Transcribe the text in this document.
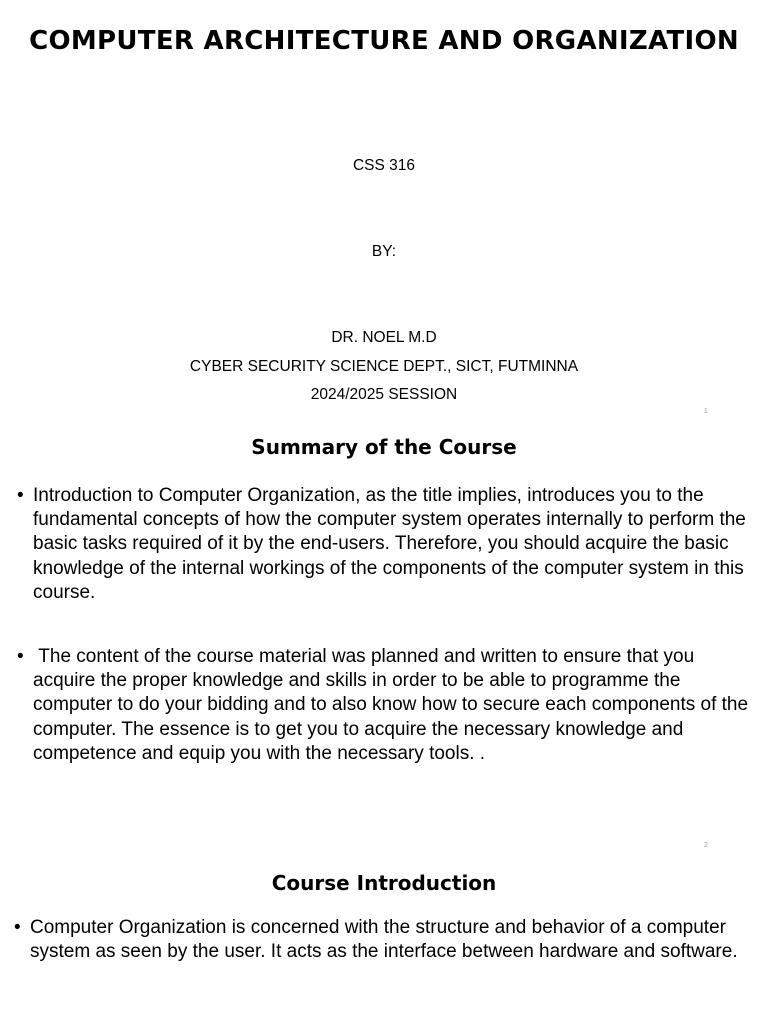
COMPUTER ARCHITECTURE AND ORGANIZATION
CSS 316
BY:
DR. NOEL M.D
CYBER SECURITY SCIENCE DEPT., SICT, FUTMINNA
2024/2025 SESSION
1
Summary of the Course
• Introduction to Computer Organization, as the title implies, introduces you to the fundamental concepts of how the computer system operates internally to perform the basic tasks required of it by the end-users. Therefore, you should acquire the basic knowledge of the internal workings of the components of the computer system in this course.
• The content of the course material was planned and written to ensure that you acquire the proper knowledge and skills in order to be able to programme the computer to do your bidding and to also know how to secure each components of the computer. The essence is to get you to acquire the necessary knowledge and competence and equip you with the necessary tools. .
2
Course Introduction
• Computer Organization is concerned with the structure and behavior of a computer system as seen by the user. It acts as the interface between hardware and software.
